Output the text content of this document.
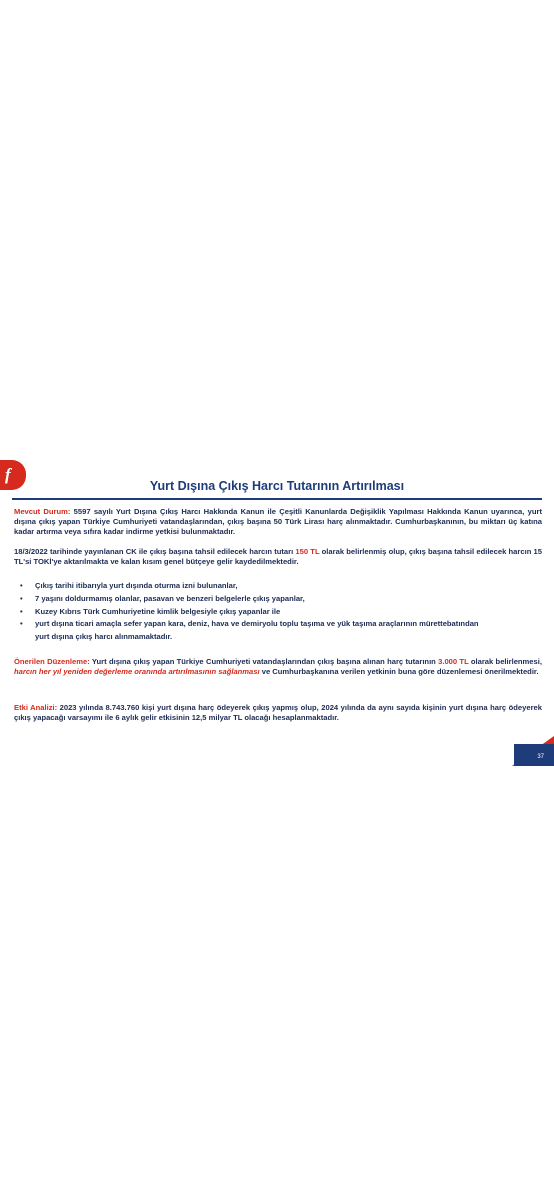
f
Yurt Dışına Çıkış Harcı Tutarının Artırılması
Mevcut Durum: 5597 sayılı Yurt Dışına Çıkış Harcı Hakkında Kanun ile Çeşitli Kanunlarda Değişiklik Yapılması Hakkında Kanun uyarınca, yurt dışına çıkış yapan Türkiye Cumhuriyeti vatandaşlarından, çıkış başına 50 Türk Lirası harç alınmaktadır. Cumhurbaşkanının, bu miktarı üç katına kadar artırma veya sıfıra kadar indirme yetkisi bulunmaktadır.
18/3/2022 tarihinde yayınlanan CK ile çıkış başına tahsil edilecek harcın tutarı 150 TL olarak belirlenmiş olup, çıkış başına tahsil edilecek harcın 15 TL'si TOKİ'ye aktarılmakta ve kalan kısım genel bütçeye gelir kaydedilmektedir.
• Çıkış tarihi itibarıyla yurt dışında oturma izni bulunanlar,
• 7 yaşını doldurmamış olanlar, pasavan ve benzeri belgelerle çıkış yapanlar,
• Kuzey Kıbrıs Türk Cumhuriyetine kimlik belgesiyle çıkış yapanlar ile
• yurt dışına ticari amaçla sefer yapan kara, deniz, hava ve demiryolu toplu taşıma ve yük taşıma araçlarının mürettebatından
yurt dışına çıkış harcı alınmamaktadır.
Önerilen Düzenleme: Yurt dışına çıkış yapan Türkiye Cumhuriyeti vatandaşlarından çıkış başına alınan harç tutarının 3.000 TL olarak belirlenmesi, harcın her yıl yeniden değerleme oranında artırılmasının sağlanması ve Cumhurbaşkanına verilen yetkinin buna göre düzenlemesi önerilmektedir.
Etki Analizi: 2023 yılında 8.743.760 kişi yurt dışına harç ödeyerek çıkış yapmış olup, 2024 yılında da aynı sayıda kişinin yurt dışına harç ödeyerek çıkış yapacağı varsayımı ile 6 aylık gelir etkisinin 12,5 milyar TL olacağı hesaplanmaktadır.
37
